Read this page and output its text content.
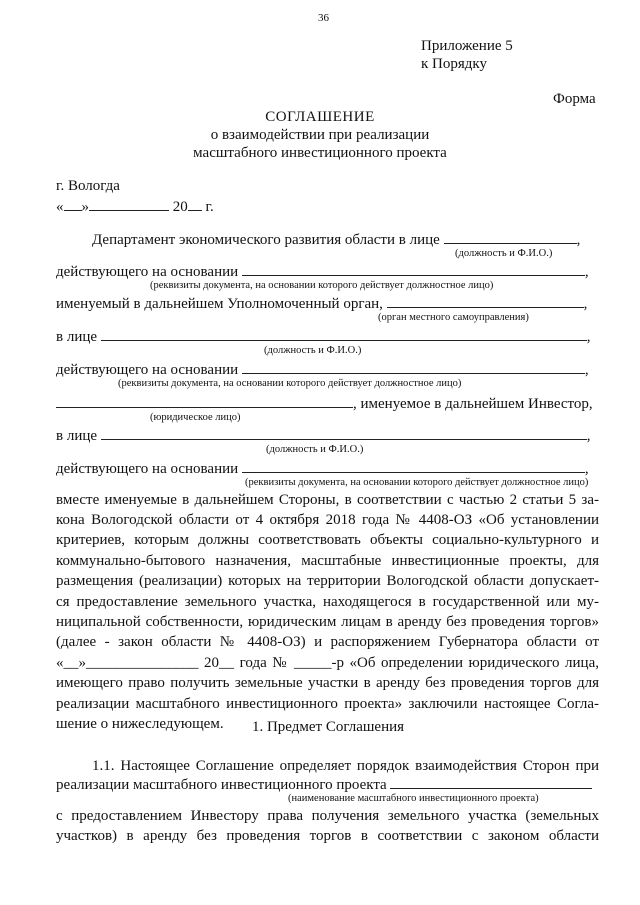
36
Приложение 5
к Порядку
Форма
СОГЛАШЕНИЕ
о взаимодействии при реализации
масштабного инвестиционного проекта
г. Вологда
« »	20 г.
Департамент экономического развития области в лице	,
(должность и Ф.И.О.)
действующего на основании	,
(реквизиты документа, на основании которого действует должностное лицо)
именуемый в дальнейшем Уполномоченный орган,	,
(орган местного самоуправления)
в лице	,
(должность и Ф.И.О.)
действующего на основании	,
(реквизиты документа, на основании которого действует должностное лицо)
, именуемое в дальнейшем Инвестор,
(юридическое лицо)
в лице	,
(должность и Ф.И.О.)
действующего на основании	,
(реквизиты документа, на основании которого действует должностное лицо)
вместе именуемые в дальнейшем Стороны, в соответствии с частью 2 статьи 5 за-
кона Вологодской области от 4 октября 2018 года № 4408-ОЗ «Об установлении
критериев, которым должны соответствовать объекты социально-культурного и
коммунально-бытового назначения, масштабные инвестиционные проекты, для
размещения (реализации) которых на территории Вологодской области допускает-
ся предоставление земельного участка, находящегося в государственной или му-
ниципальной собственности, юридическим лицам в аренду без проведения торгов»
(далее - закон области № 4408-ОЗ) и распоряжением Губернатора области от
«__»_______________ 20__ года № _____-р «Об определении юридического лица,
имеющего право получить земельные участки в аренду без проведения торгов для
реализации масштабного инвестиционного проекта» заключили настоящее Согла-
шение о нижеследующем.	1. Предмет Соглашения
1.1. Настоящее Соглашение определяет порядок взаимодействия Сторон при
реализации масштабного инвестиционного проекта
(наименование масштабного инвестиционного проекта)
с предоставлением Инвестору права получения земельного участка (земельных
участков) в аренду без проведения торгов в соответствии с законом области
